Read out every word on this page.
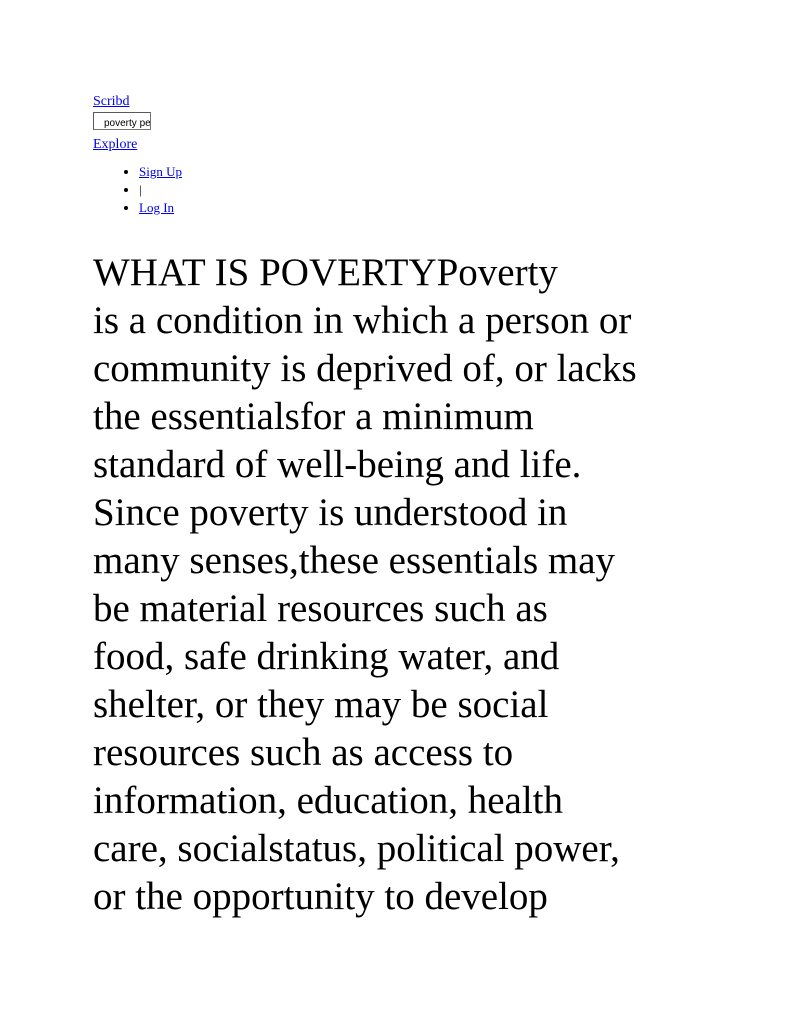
Scribd
poverty pe
Explore
• Sign Up
• |
• Log In

WHAT IS POVERTYPoverty

is a condition in which a person or

community is deprived of, or lacks

the essentialsfor a minimum

standard of well-being and life.

Since poverty is understood in

many senses,these essentials may

be material resources such as

food, safe drinking water, and

shelter, or they may be social

resources such as access to

information, education, health

care, socialstatus, political power,

or the opportunity to develop
